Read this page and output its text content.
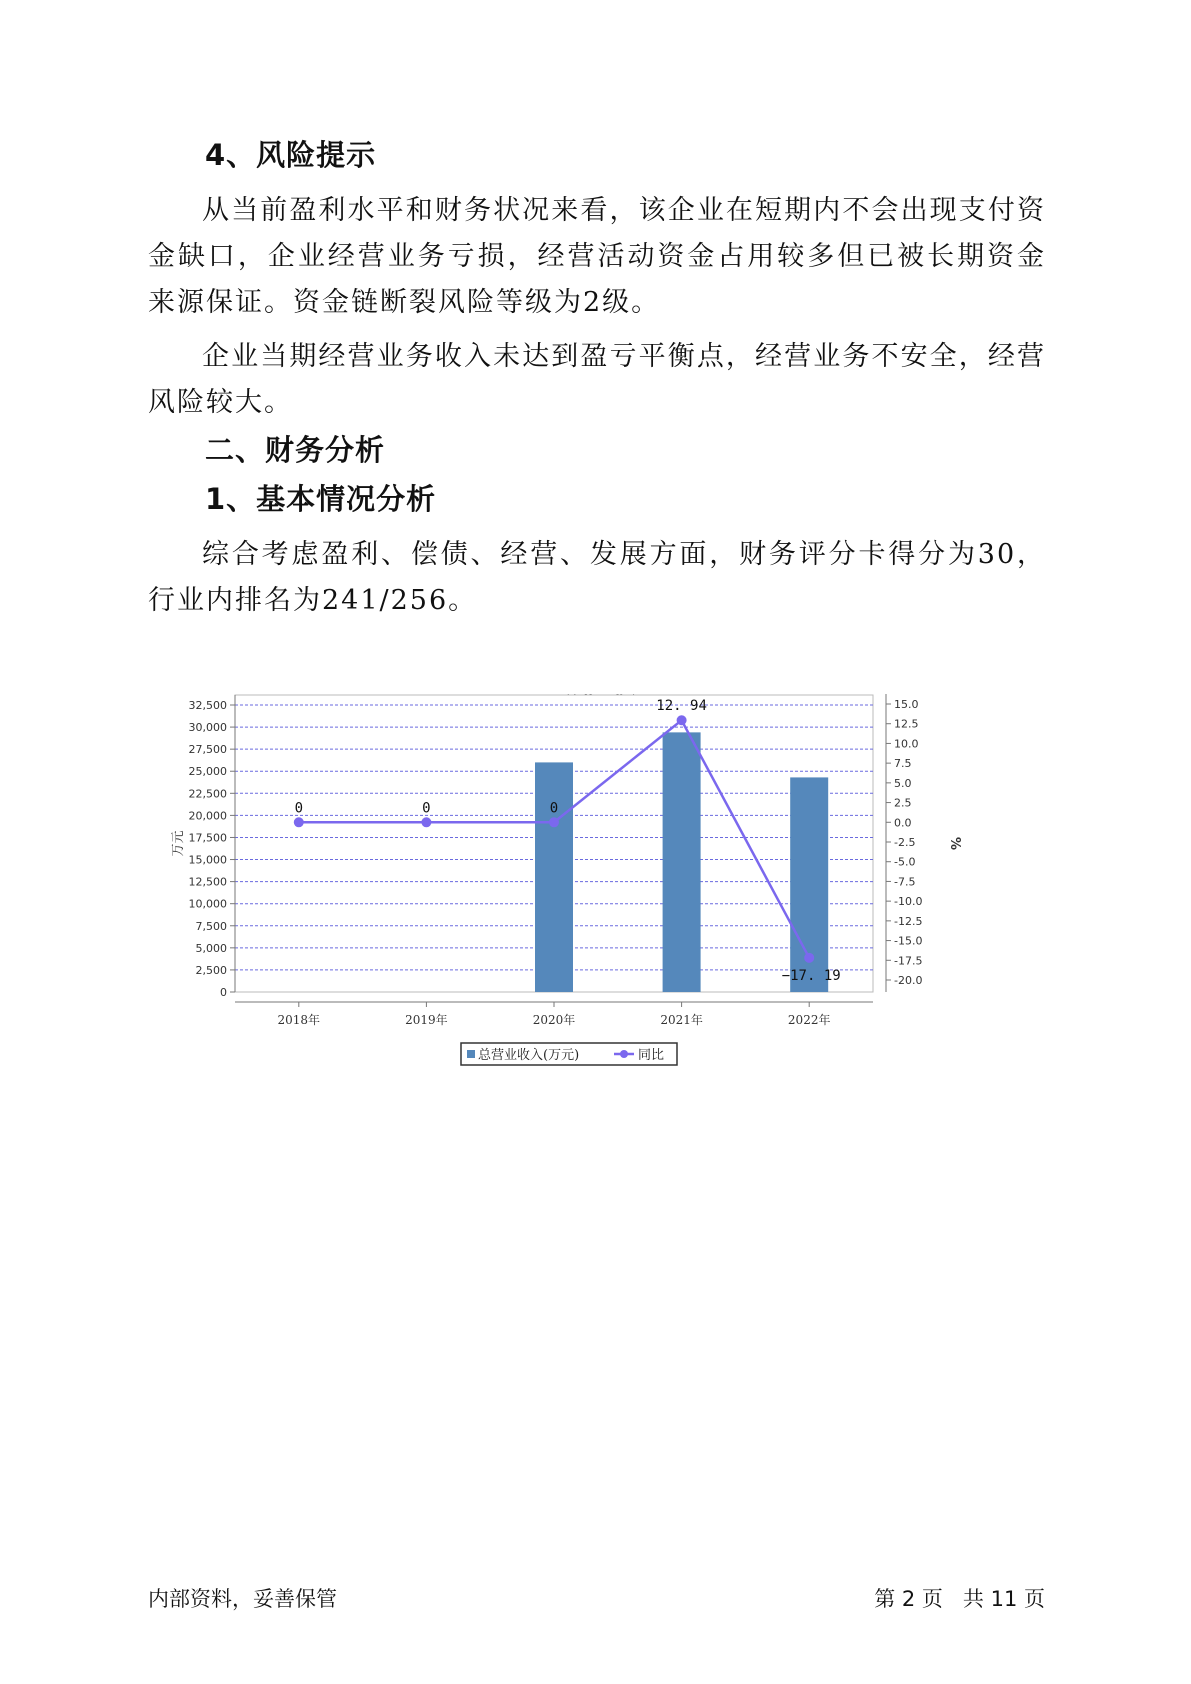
4、风险提示

从当前盈利水平和财务状况来看，该企业在短期内不会出现支付资金缺口，企业经营业务亏损，经营活动资金占用较多但已被长期资金来源保证。资金链断裂风险等级为2级。

企业当期经营业务收入未达到盈亏平衡点，经营业务不安全，经营风险较大。

二、财务分析
1、基本情况分析

综合考虑盈利、偿债、经营、发展方面，财务评分卡得分为30，行业内排名为241/256。

0
2,500
5,000
7,500
10,000
12,500
15,000
17,500
20,000
22,500
25,000
27,500
30,000
32,500
-20.0
-17.5
-15.0
-12.5
-10.0
-7.5
-5.0
-2.5
0.0
2.5
5.0
7.5
10.0
12.5
15.0
万元	%
2018年	2019年	2020年	2021年	2022年
0	0	0
12. 94
−17. 19
总营业收入(万元)	同比
内部资料，妥善保管	第 2 页   共 11 页
